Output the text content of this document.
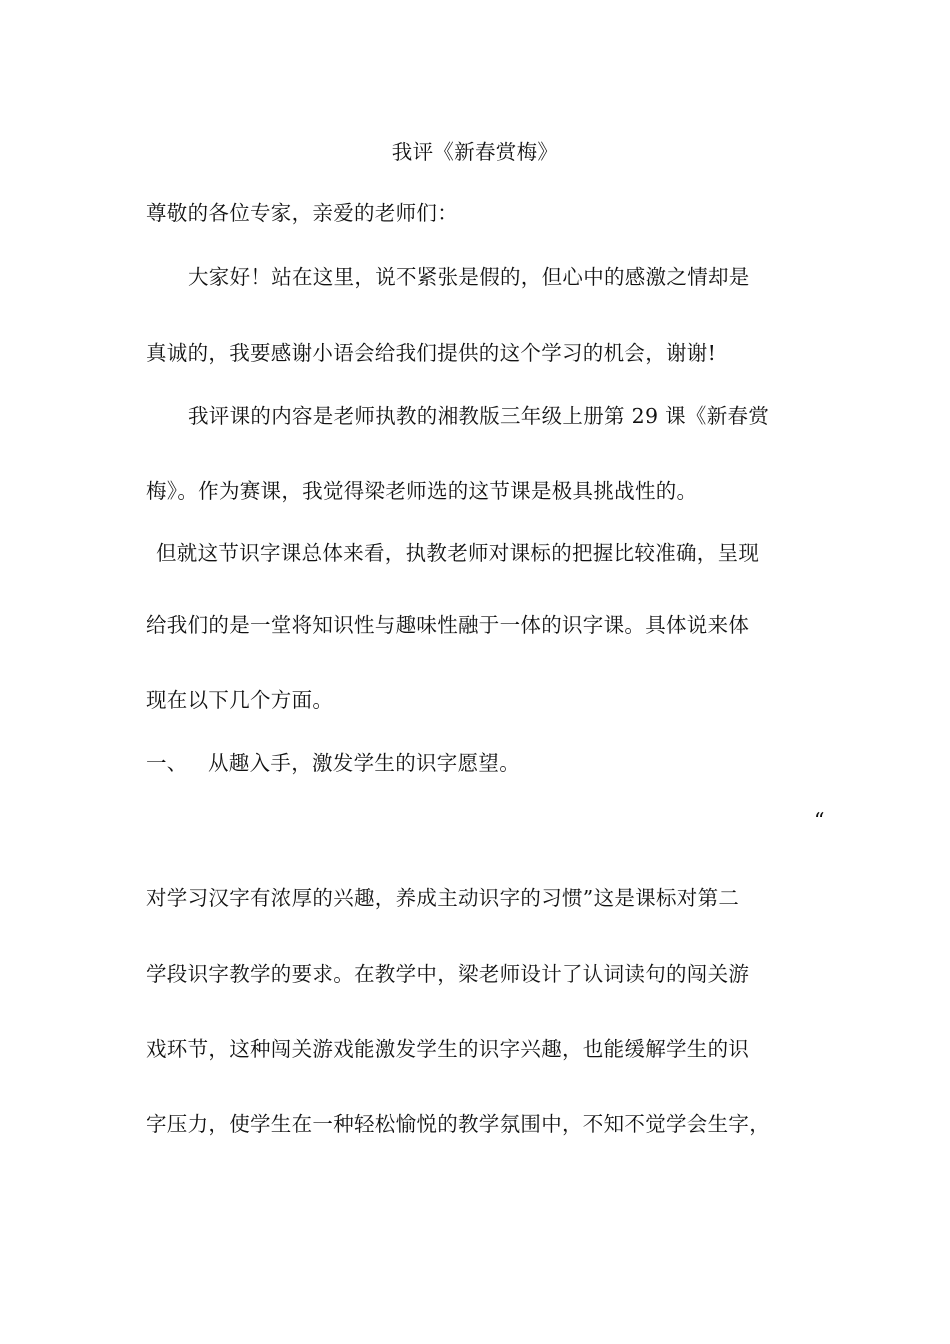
我评《新春赏梅》
尊敬的各位专家，亲爱的老师们：
大家好！站在这里，说不紧张是假的，但心中的感激之情却是
真诚的，我要感谢小语会给我们提供的这个学习的机会，谢谢!
我评课的内容是老师执教的湘教版三年级上册第 29 课《新春赏
梅》。作为赛课，我觉得梁老师选的这节课是极具挑战性的。
但就这节识字课总体来看，执教老师对课标的把握比较准确，呈现
给我们的是一堂将知识性与趣味性融于一体的识字课。具体说来体
现在以下几个方面。
一、 从趣入手，激发学生的识字愿望。
“
对学习汉字有浓厚的兴趣，养成主动识字的习惯”这是课标对第二
学段识字教学的要求。在教学中，梁老师设计了认词读句的闯关游
戏环节，这种闯关游戏能激发学生的识字兴趣，也能缓解学生的识
字压力，使学生在一种轻松愉悦的教学氛围中，不知不觉学会生字，
